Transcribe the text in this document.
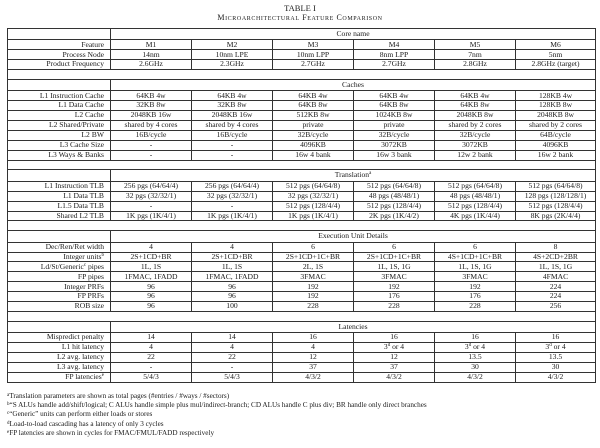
TABLE I
Microarchitectural Feature Comparison
	Core name					
Feature	M1	M2	M3	M4	M5	M6
Process Node	14nm	10nm LPE	10nm LPP	8nm LPP	7nm	5nm
Product Frequency	2.6GHz	2.3GHz	2.7GHz	2.7GHz	2.8GHz	2.8GHz (target)

	Caches					
L1 Instruction Cache	64KB 4w	64KB 4w	64KB 4w	64KB 4w	64KB 4w	128KB 4w
L1 Data Cache	32KB 8w	32KB 8w	64KB 8w	64KB 8w	64KB 8w	128KB 8w
L2 Cache	2048KB 16w	2048KB 16w	512KB 8w	1024KB 8w	2048KB 8w	2048KB 8w
L2 Shared/Private	shared by 4 cores	shared by 4 cores	private	private	shared by 2 cores	shared by 2 cores
L2 BW	16B/cycle	16B/cycle	32B/cycle	32B/cycle	32B/cycle	64B/cycle
L3 Cache Size	-	-	4096KB	3072KB	3072KB	4096KB
L3 Ways & Banks	-	-	16w 4 bank	16w 3 bank	12w 2 bank	16w 2 bank

	Translation$^a$
L1 Instruction TLB	256 pgs (64/64/4)	256 pgs (64/64/4)	512 pgs (64/64/8)	512 pgs (64/64/8)	512 pgs (64/64/8)	512 pgs (64/64/8)
L1 Data TLB	32 pgs (32/32/1)	32 pgs (32/32/1)	32 pgs (32/32/1)	48 pgs (48/48/1)	48 pgs (48/48/1)	128 pgs (128/128/1)
L1.5 Data TLB	-	-	512 pgs (128/4/4)	512 pgs (128/4/4)	512 pgs (128/4/4)	512 pgs (128/4/4)
Shared L2 TLB	1K pgs (1K/4/1)	1K pgs (1K/4/1)	1K pgs (1K/4/1)	2K pgs (1K/4/2)	4K pgs (1K/4/4)	8K pgs (2K/4/4)

	Execution Unit Details					
Dec/Ren/Ret width	4	4	6	6	6	8
Integer units$^b$	2S+1CD+BR	2S+1CD+BR	2S+1CD+1C+BR	2S+1CD+1C+BR	4S+1CD+1C+BR	4S+2CD+2BR
Ld/St/Generic$^c$ pipes	1L, 1S	1L, 1S	2L, 1S	1L, 1S, 1G	1L, 1S, 1G	1L, 1S, 1G
FP pipes	1FMAC, 1FADD	1FMAC, 1FADD	3FMAC	3FMAC	3FMAC	4FMAC
Integer PRFs	96	96	192	192	192	224
FP PRFs	96	96	192	176	176	224
ROB size	96	100	228	228	228	256

	Latencies					
Mispredict penalty	14	14	16	16	16	16
L1 hit latency	4	4	4	3$^d$ or 4	3$^d$ or 4	3$^d$ or 4
L2 avg. latency	22	22	12	12	13.5	13.5
L3 avg. latency	-	-	37	37	30	30
FP latencies$^e$	5/4/3	5/4/3	4/3/2	4/3/2	4/3/2	4/3/2
$^a$Translation parameters are shown as total pages (#entries / #ways / #sectors)
$^b$“S ALUs handle add/shift/logical; C ALUs handle simple plus mul/indirect-branch; CD ALUs handle C plus div; BR handle only direct branches
$^c$“Generic” units can perform either loads or stores
$^d$Load-to-load cascading has a latency of only 3 cycles
$^e$FP latencies are shown in cycles for FMAC/FMUL/FADD respectively
